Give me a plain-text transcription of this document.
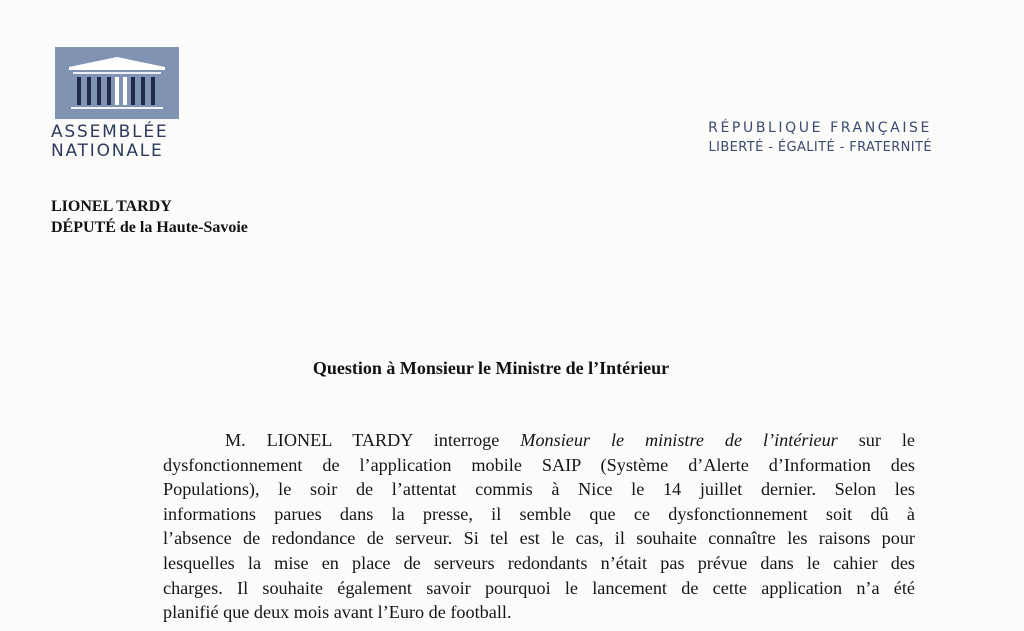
ASSEMBLÉE
NATIONALE
RÉPUBLIQUE FRANÇAISE
LIBERTÉ - ÉGALITÉ - FRATERNITÉ
LIONEL TARDY
DÉPUTÉ de la Haute-Savoie
Question à Monsieur le Ministre de l’Intérieur
M. LIONEL TARDY interroge Monsieur le ministre de l’intérieur sur le
dysfonctionnement de l’application mobile SAIP (Système d’Alerte d’Information des
Populations), le soir de l’attentat commis à Nice le 14 juillet dernier. Selon les
informations parues dans la presse, il semble que ce dysfonctionnement soit dû à
l’absence de redondance de serveur. Si tel est le cas, il souhaite connaître les raisons pour
lesquelles la mise en place de serveurs redondants n’était pas prévue dans le cahier des
charges. Il souhaite également savoir pourquoi le lancement de cette application n’a été
planifié que deux mois avant l’Euro de football.
